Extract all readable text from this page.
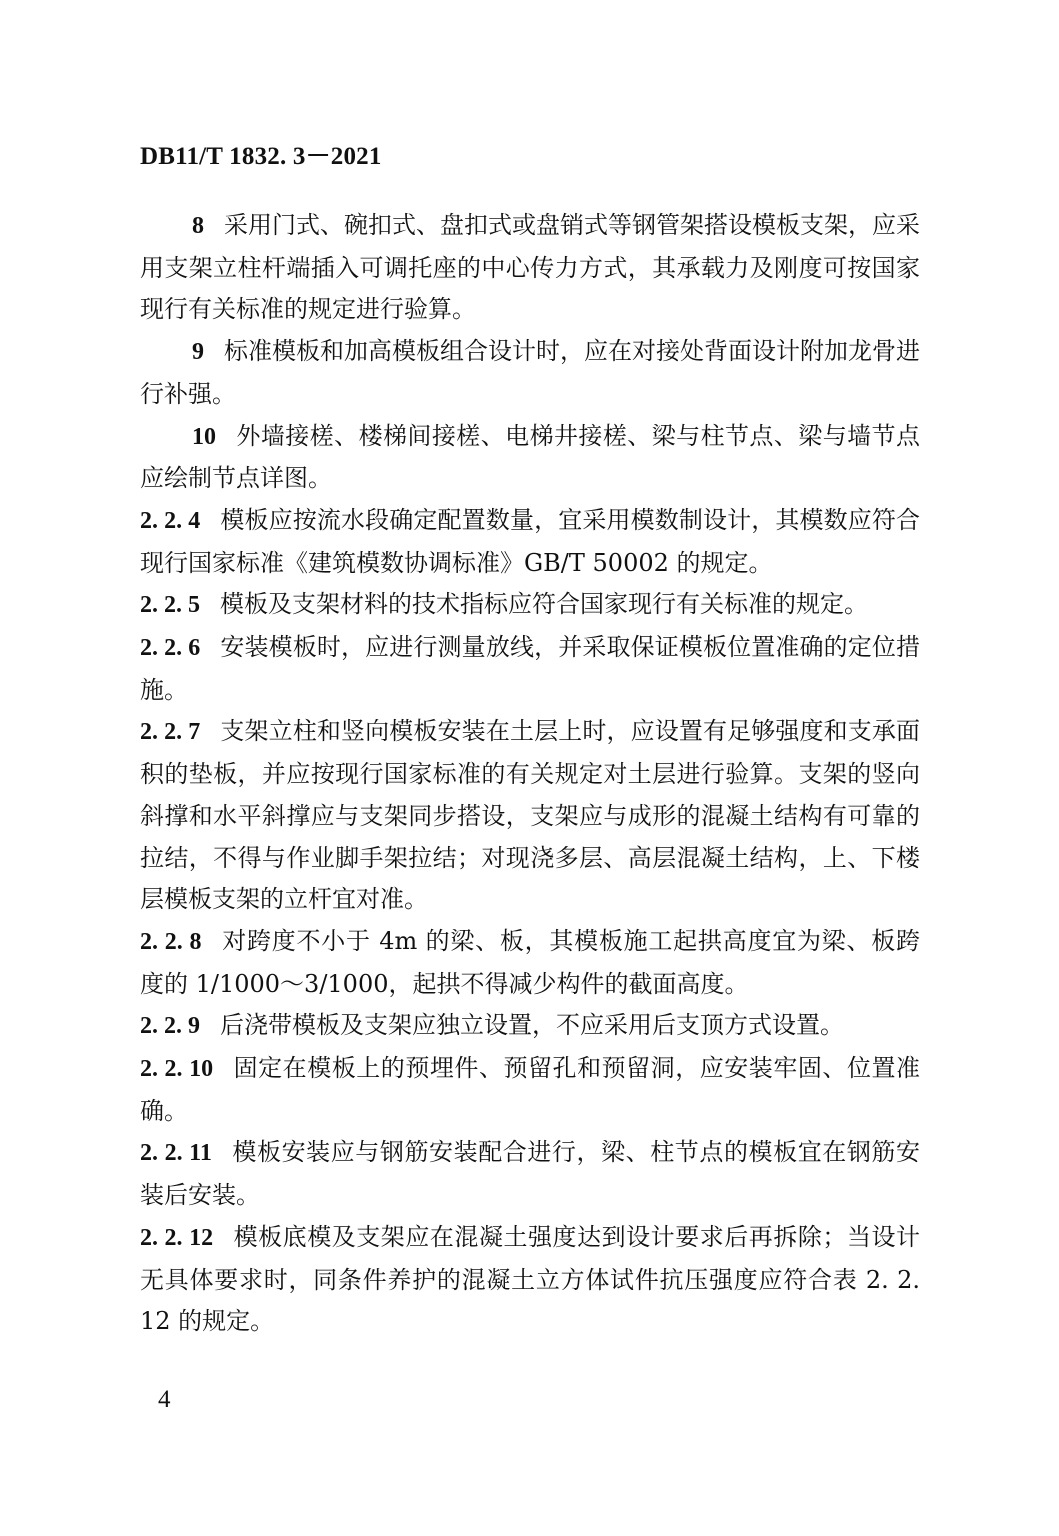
DB11/T 1832. 3－2021

8 采用门式、碗扣式、盘扣式或盘销式等钢管架搭设模板支架，应采用支架立柱杆端插入可调托座的中心传力方式，其承载力及刚度可按国家现行有关标准的规定进行验算。

9 标准模板和加高模板组合设计时，应在对接处背面设计附加龙骨进行补强。

10 外墙接槎、楼梯间接槎、电梯井接槎、梁与柱节点、梁与墙节点应绘制节点详图。

2. 2. 4 模板应按流水段确定配置数量，宜采用模数制设计，其模数应符合现行国家标准《建筑模数协调标准》GB/T 50002 的规定。

2. 2. 5 模板及支架材料的技术指标应符合国家现行有关标准的规定。

2. 2. 6 安装模板时，应进行测量放线，并采取保证模板位置准确的定位措施。

2. 2. 7 支架立柱和竖向模板安装在土层上时，应设置有足够强度和支承面积的垫板，并应按现行国家标准的有关规定对土层进行验算。支架的竖向斜撑和水平斜撑应与支架同步搭设，支架应与成形的混凝土结构有可靠的拉结，不得与作业脚手架拉结；对现浇多层、高层混凝土结构，上、下楼层模板支架的立杆宜对准。

2. 2. 8 对跨度不小于 4m 的梁、板，其模板施工起拱高度宜为梁、板跨度的 1/1000～3/1000，起拱不得减少构件的截面高度。

2. 2. 9 后浇带模板及支架应独立设置，不应采用后支顶方式设置。

2. 2. 10 固定在模板上的预埋件、预留孔和预留洞，应安装牢固、位置准确。

2. 2. 11 模板安装应与钢筋安装配合进行，梁、柱节点的模板宜在钢筋安装后安装。

2. 2. 12 模板底模及支架应在混凝土强度达到设计要求后再拆除；当设计无具体要求时，同条件养护的混凝土立方体试件抗压强度应符合表 2. 2. 12 的规定。

4
